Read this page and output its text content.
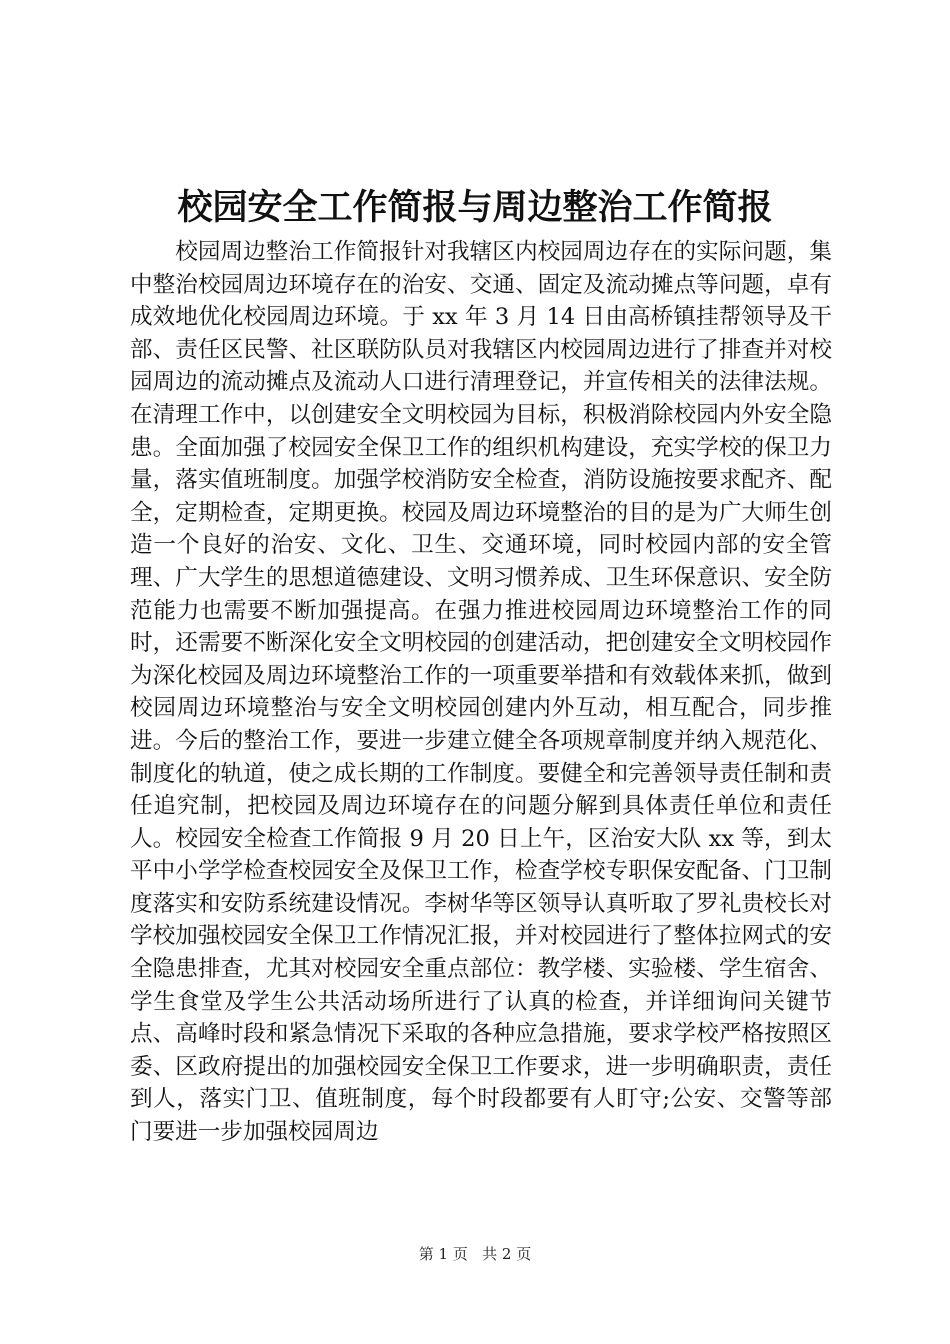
校园安全工作简报与周边整治工作简报

校园周边整治工作简报针对我辖区内校园周边存在的实际问题，集中整治校园周边环境存在的治安、交通、固定及流动摊点等问题，卓有成效地优化校园周边环境。于 xx 年 3 月 14 日由高桥镇挂帮领导及干部、责任区民警、社区联防队员对我辖区内校园周边进行了排查并对校园周边的流动摊点及流动人口进行清理登记，并宣传相关的法律法规。在清理工作中，以创建安全文明校园为目标，积极消除校园内外安全隐患。全面加强了校园安全保卫工作的组织机构建设，充实学校的保卫力量，落实值班制度。加强学校消防安全检查，消防设施按要求配齐、配全，定期检查，定期更换。校园及周边环境整治的目的是为广大师生创造一个良好的治安、文化、卫生、交通环境，同时校园内部的安全管理、广大学生的思想道德建设、文明习惯养成、卫生环保意识、安全防范能力也需要不断加强提高。在强力推进校园周边环境整治工作的同时，还需要不断深化安全文明校园的创建活动，把创建安全文明校园作为深化校园及周边环境整治工作的一项重要举措和有效载体来抓，做到校园周边环境整治与安全文明校园创建内外互动，相互配合，同步推进。今后的整治工作，要进一步建立健全各项规章制度并纳入规范化、制度化的轨道，使之成长期的工作制度。要健全和完善领导责任制和责任追究制，把校园及周边环境存在的问题分解到具体责任单位和责任人。校园安全检查工作简报 9 月 20 日上午，区治安大队 xx 等，到太平中小学学检查校园安全及保卫工作，检查学校专职保安配备、门卫制度落实和安防系统建设情况。李树华等区领导认真听取了罗礼贵校长对学校加强校园安全保卫工作情况汇报，并对校园进行了整体拉网式的安全隐患排查，尤其对校园安全重点部位：教学楼、实验楼、学生宿舍、学生食堂及学生公共活动场所进行了认真的检查，并详细询问关键节点、高峰时段和紧急情况下采取的各种应急措施，要求学校严格按照区委、区政府提出的加强校园安全保卫工作要求，进一步明确职责，责任到人，落实门卫、值班制度，每个时段都要有人盯守;公安、交警等部门要进一步加强校园周边

第 1 页 共 2 页
